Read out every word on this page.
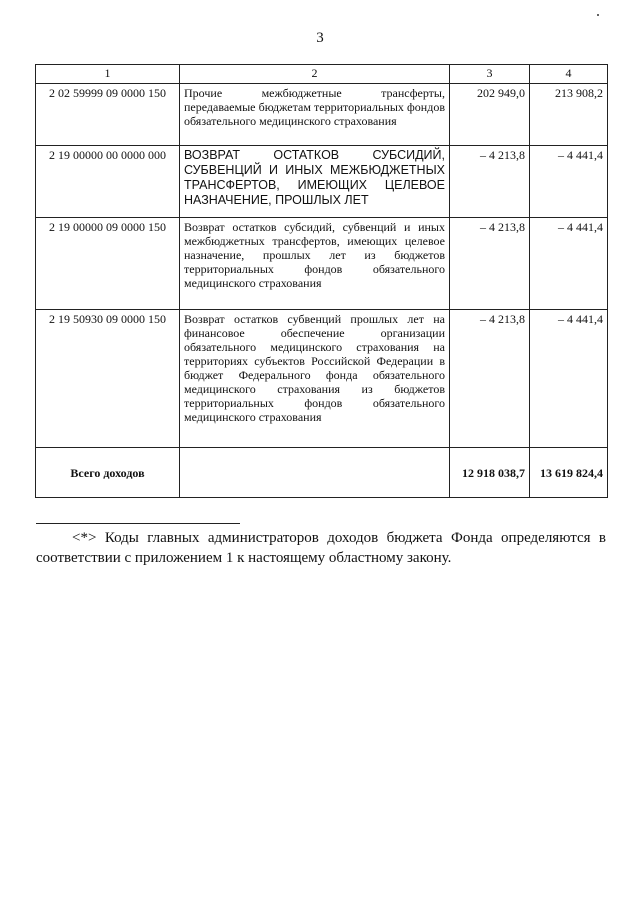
3
1	2	3	4
2 02 59999 09 0000 150	Прочие межбюджетные трансферты, передаваемые бюджетам территориальных фондов обязательного медицинского страхования	202 949,0	213 908,2
2 19 00000 00 0000 000	ВОЗВРАТ ОСТАТКОВ СУБСИДИЙ, СУБВЕНЦИЙ И ИНЫХ МЕЖБЮДЖЕТНЫХ ТРАНСФЕРТОВ, ИМЕЮЩИХ ЦЕЛЕВОЕ НАЗНАЧЕНИЕ, ПРОШЛЫХ ЛЕТ	– 4 213,8	– 4 441,4
2 19 00000 09 0000 150	Возврат остатков субсидий, субвенций и иных межбюджетных трансфертов, имеющих целевое назначение, прошлых лет из бюджетов территориальных фондов обязательного медицинского страхования	– 4 213,8	– 4 441,4
2 19 50930 09 0000 150	Возврат остатков субвенций прошлых лет на финансовое обеспечение организации обязательного медицинского страхования на территориях субъектов Российской Федерации в бюджет Федерального фонда обязательного медицинского страхования из бюджетов территориальных фондов обязательного медицинского страхования	– 4 213,8	– 4 441,4
Всего доходов		12 918 038,7	13 619 824,4
<*> Коды главных администраторов доходов бюджета Фонда определяются в соответствии с приложением 1 к настоящему областному закону.
